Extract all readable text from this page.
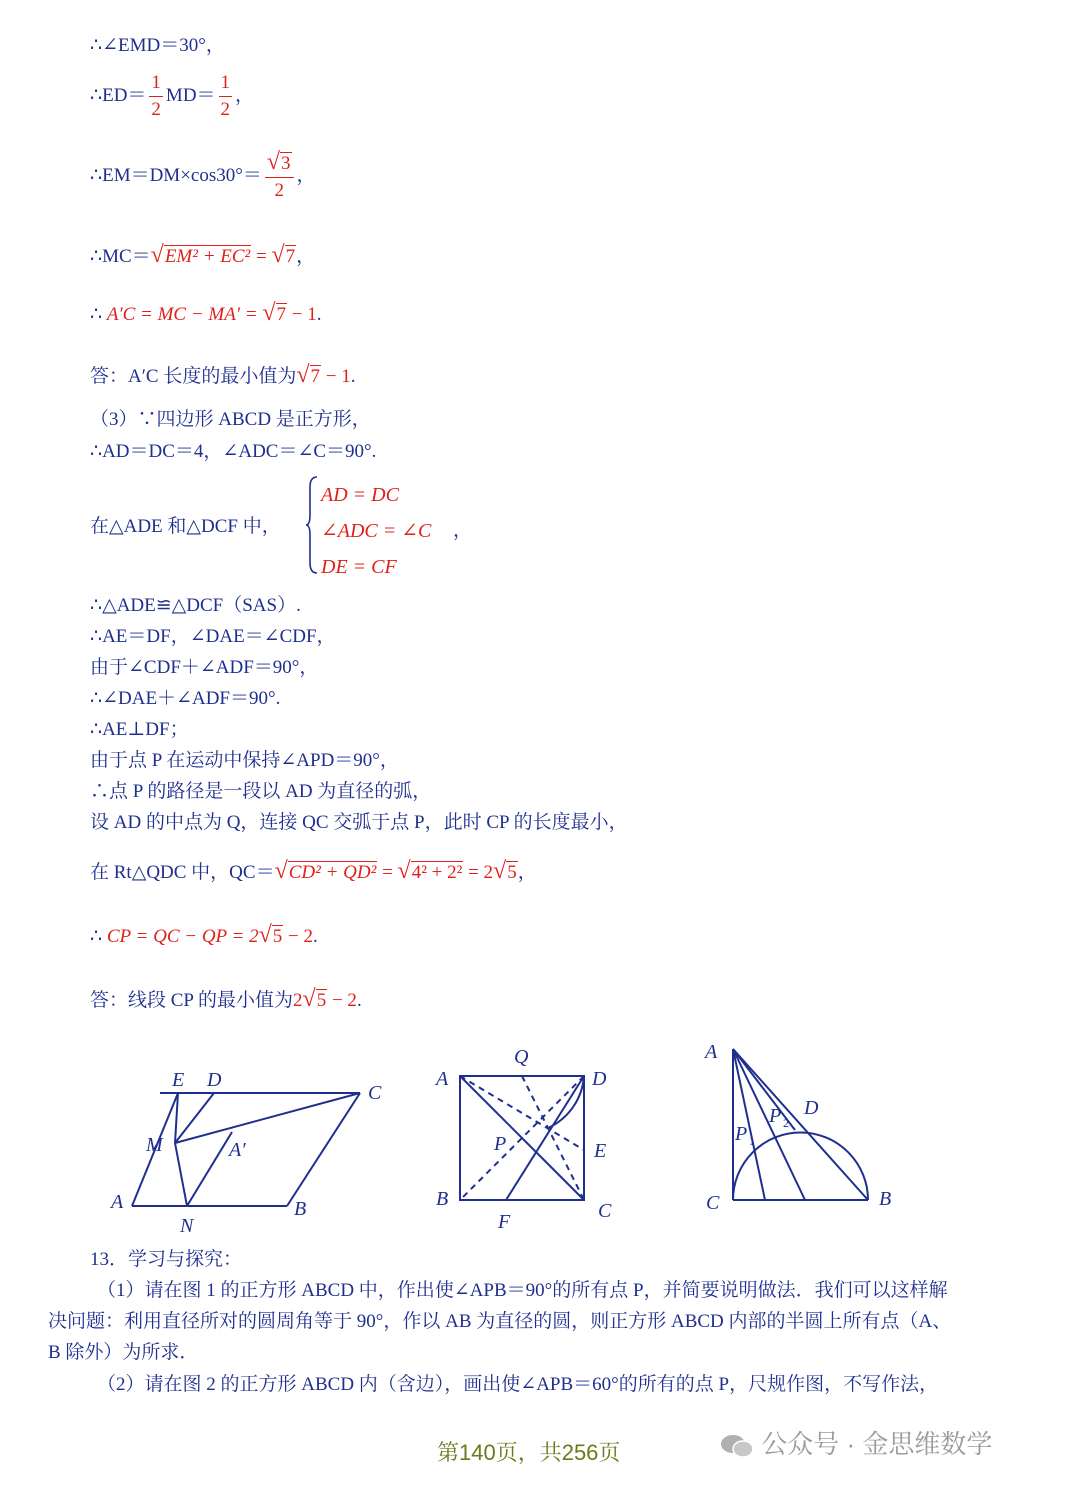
∴∠EMD＝30°，
∴ED＝ $\frac{1}{2} MD= \frac{1}{2}$ ，
∴EM＝DM×cos30°＝ $\frac{√3}{2}$ ，
∴MC＝√EM² + EC² = √7，
∴ A′C = MC − MA′ = √7 − 1.
答：A′C 长度的最小值为√7 − 1.
（3）∵四边形 ABCD 是正方形，
∴AD＝DC＝4，∠ADC＝∠C＝90°.
在△ADE 和△DCF 中，
AD = DC
∠ADC = ∠C
DE = CF
，
∴△ADE≌△DCF（SAS）.
∴AE＝DF，∠DAE＝∠CDF，
由于∠CDF＋∠ADF＝90°，
∴∠DAE＋∠ADF＝90°.
∴AE⊥DF；
由于点 P 在运动中保持∠APD＝90°，
∴点 P 的路径是一段以 AD 为直径的弧，
设 AD 的中点为 Q，连接 QC 交弧于点 P，此时 CP 的长度最小，
在 Rt△QDC 中，QC＝√CD² + QD² = √4² + 2² = 2√5，
∴ CP = QC − QP = 2√5 − 2.
答：线段 CP 的最小值为2√5 − 2.
E D
C
M	A′
A
N
B
Q
A	D
P	E
B
F	C
A
D
P 1
P 2
C	B
13．学习与探究：
（1）请在图 1 的正方形 ABCD 中，作出使∠APB＝90°的所有点 P，并简要说明做法．我们可以这样解
决问题：利用直径所对的圆周角等于 90°，作以 AB 为直径的圆，则正方形 ABCD 内部的半圆上所有点（A、
B 除外）为所求．
（2）请在图 2 的正方形 ABCD 内（含边），画出使∠APB＝60°的所有的点 P，尺规作图，不写作法，
第140页，共256页	公众号 · 金思维数学
